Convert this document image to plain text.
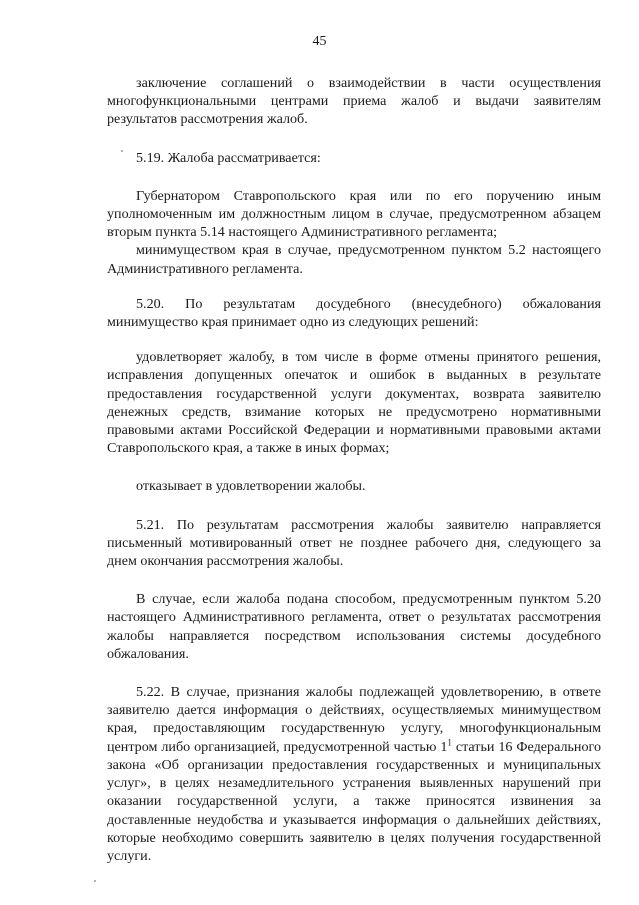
45

заключение соглашений о взаимодействии в части осуществления многофункциональными центрами приема жалоб и выдачи заявителям результатов рассмотрения жалоб.

5.19. Жалоба рассматривается:

Губернатором Ставропольского края или по его поручению иным уполномоченным им должностным лицом в случае, предусмотренном абзацем вторым пункта 5.14 настоящего Административного регламента;

минимуществом края в случае, предусмотренном пунктом 5.2 настоящего Административного регламента.

5.20. По результатам досудебного (внесудебного) обжалования минимущество края принимает одно из следующих решений:

удовлетворяет жалобу, в том числе в форме отмены принятого решения, исправления допущенных опечаток и ошибок в выданных в результате предоставления государственной услуги документах, возврата заявителю денежных средств, взимание которых не предусмотрено нормативными правовыми актами Российской Федерации и нормативными правовыми актами Ставропольского края, а также в иных формах;

отказывает в удовлетворении жалобы.

5.21. По результатам рассмотрения жалобы заявителю направляется письменный мотивированный ответ не позднее рабочего дня, следующего за днем окончания рассмотрения жалобы.

В случае, если жалоба подана способом, предусмотренным пунктом 5.20 настоящего Административного регламента, ответ о результатах рассмотрения жалобы направляется посредством использования системы досудебного обжалования.

5.22. В случае, признания жалобы подлежащей удовлетворению, в ответе заявителю дается информация о действиях, осуществляемых минимуществом края, предоставляющим государственную услугу, многофункциональным центром либо организацией, предусмотренной частью $1^1$ статьи 16 Федерального закона «Об организации предоставления государственных и муниципальных услуг», в целях незамедлительного устранения выявленных нарушений при оказании государственной услуги, а также приносятся извинения за доставленные неудобства и указывается информация о дальнейших действиях, которые необходимо совершить заявителю в целях получения государственной услуги.
